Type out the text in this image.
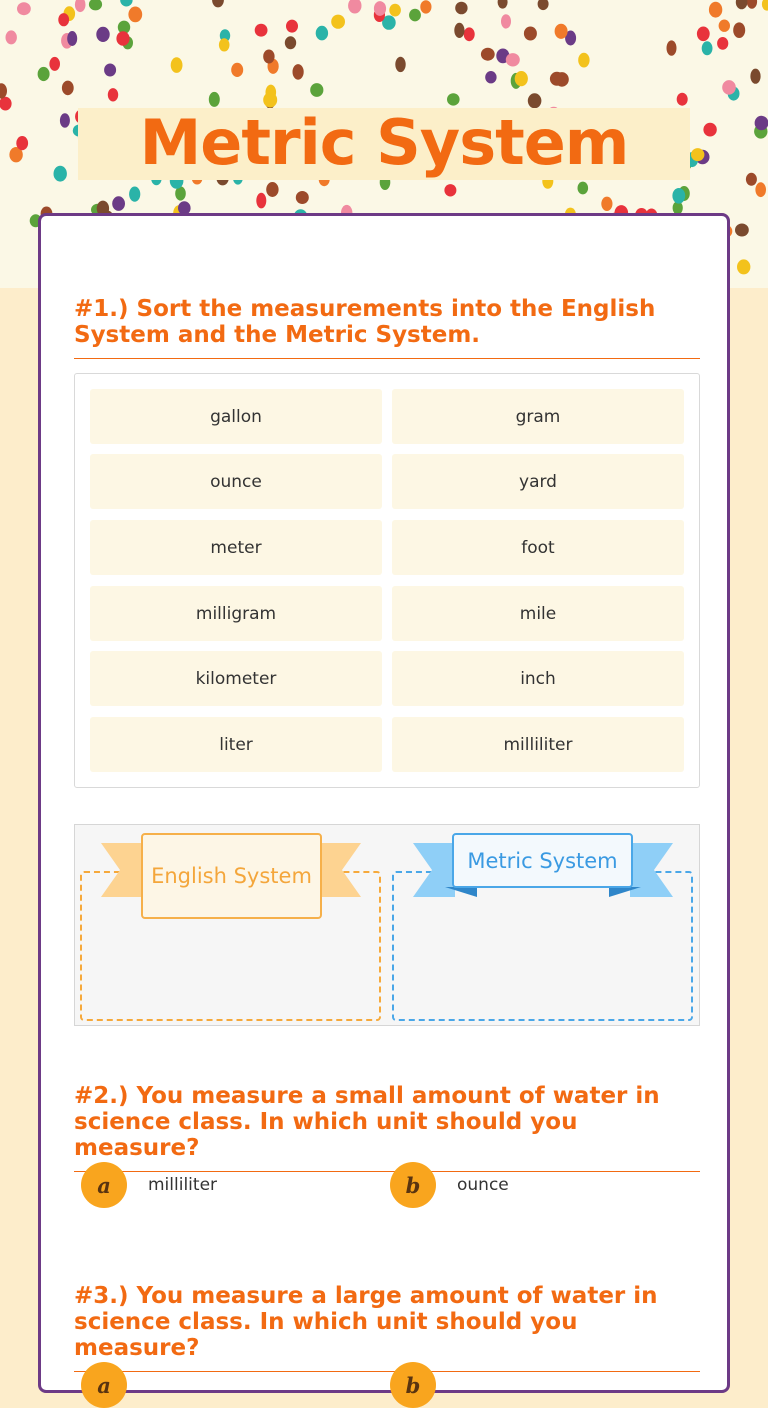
Metric System
#1.) Sort the measurements into the English System and the Metric System.
gallon	gram
ounce	yard
meter	foot
milligram	mile
kilometer	inch
liter	milliliter
English System
Metric System
#2.) You measure a small amount of water in science class. In which unit should you measure?
a	milliliter	b	ounce
#3.) You measure a large amount of water in science class. In which unit should you measure?
a	b
